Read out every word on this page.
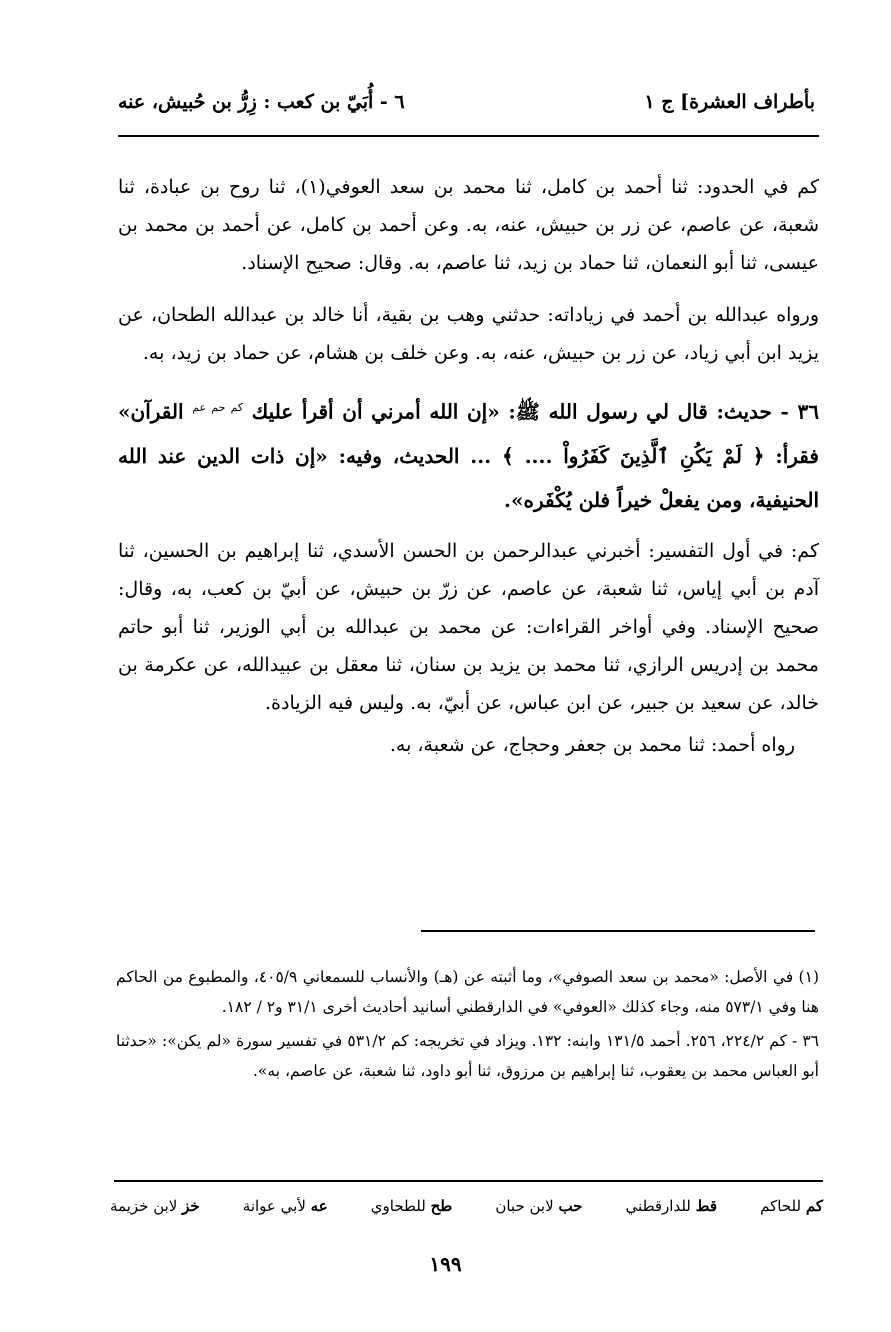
بأطراف العشرة] ج ١
٦ - أُبَيّ بن كعب : زِرُّ بن حُبيش، عنه

كم في الحدود: ثنا أحمد بن كامل، ثنا محمد بن سعد العوفي(١)، ثنا روح بن عبادة، ثنا شعبة، عن عاصم، عن زر بن حبيش، عنه، به. وعن أحمد بن كامل، عن أحمد بن محمد بن عيسى، ثنا أبو النعمان، ثنا حماد بن زيد، ثنا عاصم، به. وقال: صحيح الإسناد.

ورواه عبدالله بن أحمد في زياداته: حدثني وهب بن بقية، أنا خالد بن عبدالله الطحان، عن يزيد ابن أبي زياد، عن زر بن حبيش، عنه، به. وعن خلف بن هشام، عن حماد بن زيد، به.

٣٦ - حديث: قال لي رسول الله ﷺ: «إن الله أمرني أن أقرأ عليك $^{كم حم عم}$ القرآن» فقرأ: ﴿ لَمْ يَكُنِ ٱلَّذِينَ كَفَرُواْ .... ﴾ ... الحديث، وفيه: «إن ذات الدين عند الله الحنيفية، ومن يفعلْ خيراً فلن يُكْفَره».

كم: في أول التفسير: أخبرني عبدالرحمن بن الحسن الأسدي، ثنا إبراهيم بن الحسين، ثنا آدم بن أبي إياس، ثنا شعبة، عن عاصم، عن زرّ بن حبيش، عن أبيّ بن كعب، به، وقال: صحيح الإسناد. وفي أواخر القراءات: عن محمد بن عبدالله بن أبي الوزير، ثنا أبو حاتم محمد بن إدريس الرازي، ثنا محمد بن يزيد بن سنان، ثنا معقل بن عبيدالله، عن عكرمة بن خالد، عن سعيد بن جبير، عن ابن عباس، عن أبيّ، به. وليس فيه الزيادة.

رواه أحمد: ثنا محمد بن جعفر وحجاج، عن شعبة، به.

(١) في الأصل: «محمد بن سعد الصوفي»، وما أثبته عن (هـ) والأنساب للسمعاني ٤٠٥/٩، والمطبوع من الحاكم هنا وفي ٥٧٣/١ منه، وجاء كذلك «العوفي» في الدارقطني أسانيد أحاديث أخرى ٣١/١ و٢ / ١٨٢.

٣٦ - كم ٢٢٤/٢، ٢٥٦. أحمد ١٣١/٥ وابنه: ١٣٢. ويزاد في تخريجه: كم ٥٣١/٢ في تفسير سورة «لم يكن»: «حدثنا أبو العباس محمد بن يعقوب، ثنا إبراهيم بن مرزوق، ثنا أبو داود، ثنا شعبة، عن عاصم، به».

كم للحاكم
قط للدارقطني
حب لابن حبان
طح للطحاوي
عه لأبي عوانة
خز لابن خزيمة
١٩٩
